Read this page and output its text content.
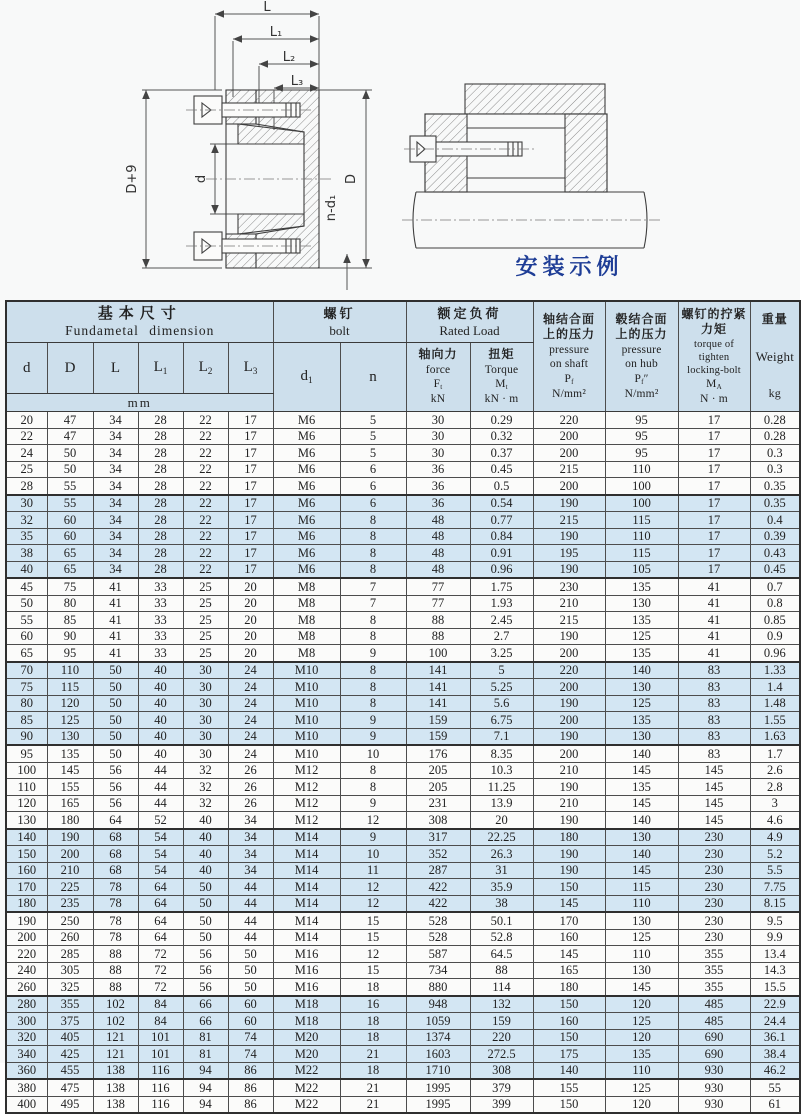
L
L₁
L₂
L₃
D+9	d	D
n-d₁
安装示例
基本尺寸
Fundametal dimension

螺钉
bolt

额定负荷
Rated Load

轴结合面
上的压力
pressure
on shaft
$P_f$
N/mm²

毂结合面
上的压力
pressure
on hub
$P_f''$
N/mm²

螺钉的拧紧
力矩
torque of
tighten
locking-bolt
$M_A$
N · m

重量
Weight
kg

d	D	L	$L_1$	$L_2$	$L_3$	$d_1$	n	
轴向力
force
$F_t$
kN

扭矩
Torque
$M_t$
kN · m

mm													
20	47	34	28	22	17	M6	5	30	0.29	220	95	17	0.28
22	47	34	28	22	17	M6	5	30	0.32	200	95	17	0.28
24	50	34	28	22	17	M6	5	30	0.37	200	95	17	0.3
25	50	34	28	22	17	M6	6	36	0.45	215	110	17	0.3
28	55	34	28	22	17	M6	6	36	0.5	200	100	17	0.35
30	55	34	28	22	17	M6	6	36	0.54	190	100	17	0.35
32	60	34	28	22	17	M6	8	48	0.77	215	115	17	0.4
35	60	34	28	22	17	M6	8	48	0.84	190	110	17	0.39
38	65	34	28	22	17	M6	8	48	0.91	195	115	17	0.43
40	65	34	28	22	17	M6	8	48	0.96	190	105	17	0.45
45	75	41	33	25	20	M8	7	77	1.75	230	135	41	0.7
50	80	41	33	25	20	M8	7	77	1.93	210	130	41	0.8
55	85	41	33	25	20	M8	8	88	2.45	215	135	41	0.85
60	90	41	33	25	20	M8	8	88	2.7	190	125	41	0.9
65	95	41	33	25	20	M8	9	100	3.25	200	135	41	0.96
70	110	50	40	30	24	M10	8	141	5	220	140	83	1.33
75	115	50	40	30	24	M10	8	141	5.25	200	130	83	1.4
80	120	50	40	30	24	M10	8	141	5.6	190	125	83	1.48
85	125	50	40	30	24	M10	9	159	6.75	200	135	83	1.55
90	130	50	40	30	24	M10	9	159	7.1	190	130	83	1.63
95	135	50	40	30	24	M10	10	176	8.35	200	140	83	1.7
100	145	56	44	32	26	M12	8	205	10.3	210	145	145	2.6
110	155	56	44	32	26	M12	8	205	11.25	190	135	145	2.8
120	165	56	44	32	26	M12	9	231	13.9	210	145	145	3
130	180	64	52	40	34	M12	12	308	20	190	140	145	4.6
140	190	68	54	40	34	M14	9	317	22.25	180	130	230	4.9
150	200	68	54	40	34	M14	10	352	26.3	190	140	230	5.2
160	210	68	54	40	34	M14	11	287	31	190	145	230	5.5
170	225	78	64	50	44	M14	12	422	35.9	150	115	230	7.75
180	235	78	64	50	44	M14	12	422	38	145	110	230	8.15
190	250	78	64	50	44	M14	15	528	50.1	170	130	230	9.5
200	260	78	64	50	44	M14	15	528	52.8	160	125	230	9.9
220	285	88	72	56	50	M16	12	587	64.5	145	110	355	13.4
240	305	88	72	56	50	M16	15	734	88	165	130	355	14.3
260	325	88	72	56	50	M16	18	880	114	180	145	355	15.5
280	355	102	84	66	60	M18	16	948	132	150	120	485	22.9
300	375	102	84	66	60	M18	18	1059	159	160	125	485	24.4
320	405	121	101	81	74	M20	18	1374	220	150	120	690	36.1
340	425	121	101	81	74	M20	21	1603	272.5	175	135	690	38.4
360	455	138	116	94	86	M22	18	1710	308	140	110	930	46.2
380	475	138	116	94	86	M22	21	1995	379	155	125	930	55
400	495	138	116	94	86	M22	21	1995	399	150	120	930	61
